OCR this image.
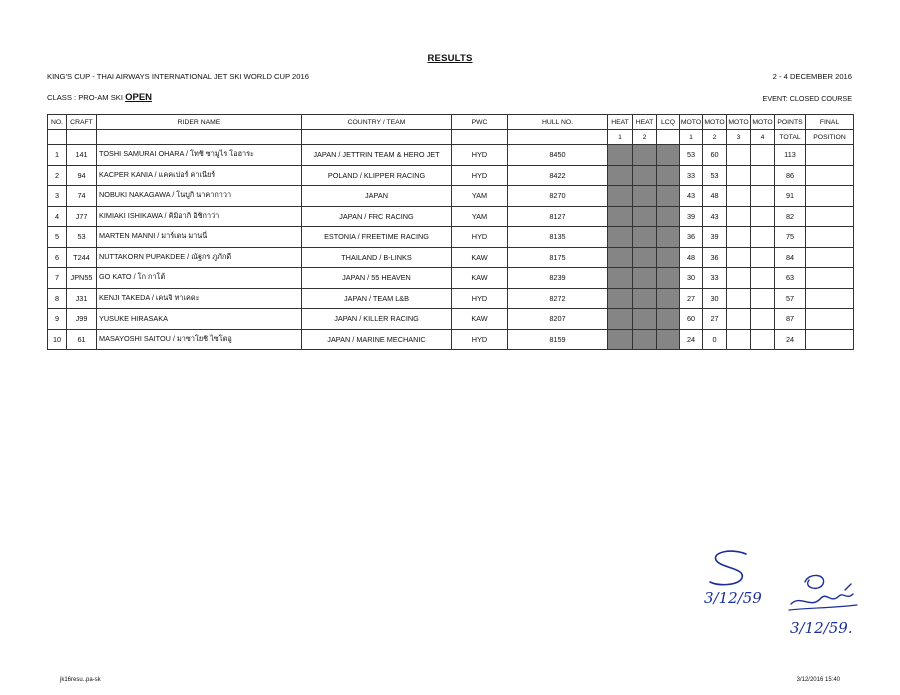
RESULTS
KING'S CUP - THAI AIRWAYS INTERNATIONAL JET SKI WORLD CUP 2016	2 - 4 DECEMBER 2016
CLASS : PRO-AM SKI OPEN	EVENT: CLOSED COURSE
NO.	CRAFT	RIDER NAME	COUNTRY / TEAM	PWC	HULL NO.	HEAT	HEAT	LCQ	MOTO	MOTO	MOTO	MOTO	POINTS	FINAL
						1	2		1	2	3	4	TOTAL	POSITION
1	141	TOSHI SAMURAI OHARA / โทชิ ซามูไร โอฮาระ	JAPAN / JETTRIN TEAM & HERO JET	HYD	8450				53	60			113	
2	94	KACPER KANIA / แคคเปอร์ คาเนียร์	POLAND / KLIPPER RACING	HYD	8422				33	53			86	
3	74	NOBUKI NAKAGAWA / โนบูกิ นาคากาวา	JAPAN	YAM	8270				43	48			91	
4	J77	KIMIAKI ISHIKAWA / คิมิอากิ อิชิกาว่า	JAPAN / FRC RACING	YAM	8127				39	43			82	
5	53	MARTEN MANNI / มาร์เตน มานนี่	ESTONIA / FREETIME RACING	HYD	8135				36	39			75	
6	T244	NUTTAKORN PUPAKDEE / ณัฐกร ภูภักดี	THAILAND / B-LINKS	KAW	8175				48	36			84	
7	JPN55	GO KATO / โก กาโต้	JAPAN / 55 HEAVEN	KAW	8239				30	33			63	
8	J31	KENJI TAKEDA / เคนจิ ทาเคดะ	JAPAN / TEAM L&B	HYD	8272				27	30			57	
9	J99	YUSUKE HIRASAKA	JAPAN / KILLER RACING	KAW	8207				60	27			87	
10	61	MASAYOSHI SAITOU / มาซาโยชิ ไซโตอู	JAPAN / MARINE MECHANIC	HYD	8159				24	0			24	
3/12/59
3/12/59.
jk16resu..pa-sk	3/12/2016 15:40
